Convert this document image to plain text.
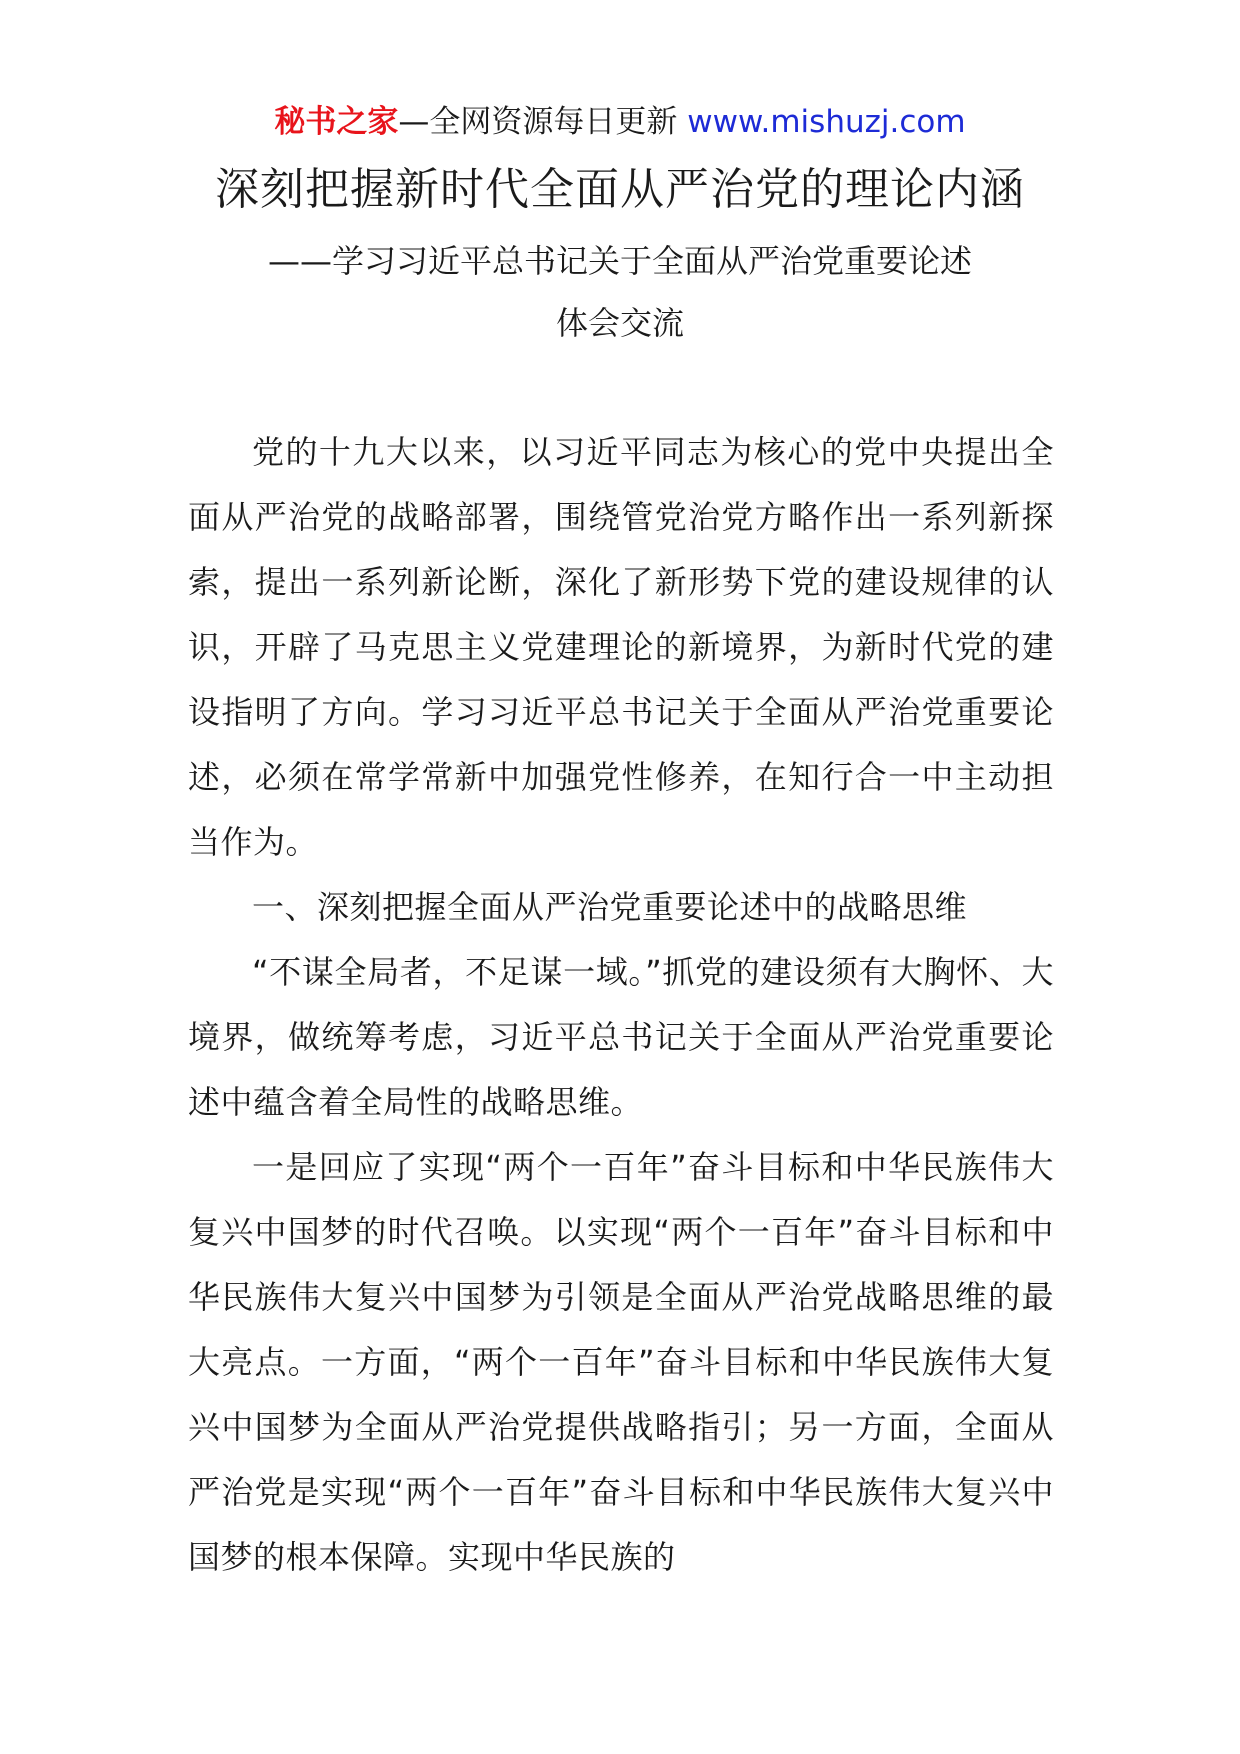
秘书之家—全网资源每日更新 www.mishuzj.com
深刻把握新时代全面从严治党的理论内涵
——学习习近平总书记关于全面从严治党重要论述
体会交流

党的十九大以来，以习近平同志为核心的党中央提出全面从严治党的战略部署，围绕管党治党方略作出一系列新探索，提出一系列新论断，深化了新形势下党的建设规律的认识，开辟了马克思主义党建理论的新境界，为新时代党的建设指明了方向。学习习近平总书记关于全面从严治党重要论述，必须在常学常新中加强党性修养，在知行合一中主动担当作为。

一、深刻把握全面从严治党重要论述中的战略思维

“不谋全局者，不足谋一域。”抓党的建设须有大胸怀、大境界，做统筹考虑，习近平总书记关于全面从严治党重要论述中蕴含着全局性的战略思维。

一是回应了实现“两个一百年”奋斗目标和中华民族伟大复兴中国梦的时代召唤。以实现“两个一百年”奋斗目标和中华民族伟大复兴中国梦为引领是全面从严治党战略思维的最大亮点。一方面，“两个一百年”奋斗目标和中华民族伟大复兴中国梦为全面从严治党提供战略指引；另一方面，全面从严治党是实现“两个一百年”奋斗目标和中华民族伟大复兴中国梦的根本保障。实现中华民族的
